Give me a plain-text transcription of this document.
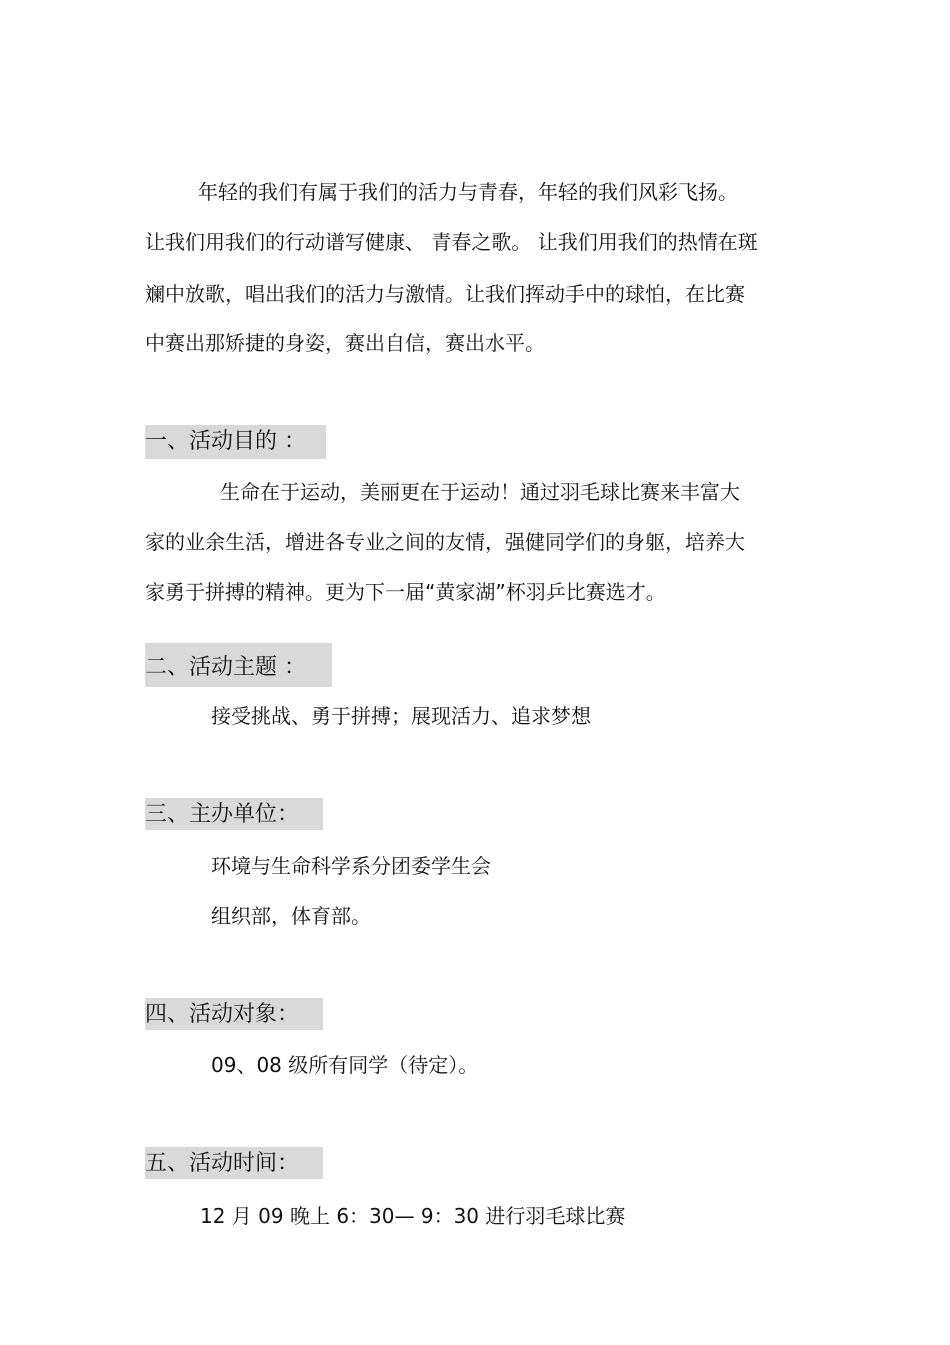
年轻的我们有属于我们的活力与青春，年轻的我们风彩飞扬。
让我们用我们的行动谱写健康、 青春之歌。 让我们用我们的热情在斑
斓中放歌，唱出我们的活力与激情。让我们挥动手中的球怕，在比赛
中赛出那矫捷的身姿，赛出自信，赛出水平。
一、活动目的 ：
生命在于运动，美丽更在于运动！通过羽毛球比赛来丰富大
家的业余生活，增进各专业之间的友情，强健同学们的身躯，培养大
家勇于拼搏的精神。更为下一届“黄家湖”杯羽乒比赛选才。
二、活动主题 ：
接受挑战、勇于拼搏；展现活力、追求梦想
三、主办单位：
环境与生命科学系分团委学生会
组织部，体育部。
四、活动对象：
09、08 级所有同学（待定）。
五、活动时间：
12 月 09 晚上 6：30— 9：30 进行羽毛球比赛
